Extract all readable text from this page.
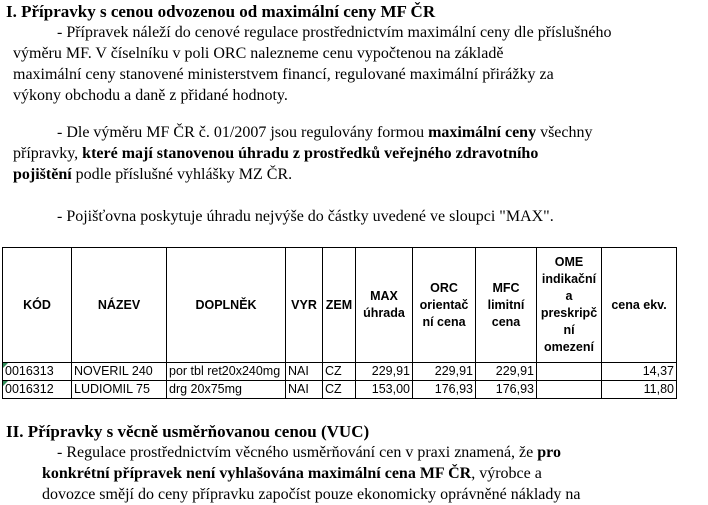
I. Přípravky s cenou odvozenou od maximální ceny MF ČR
- Přípravek náleží do cenové regulace prostřednictvím maximální ceny dle příslušného
výměru MF. V číselníku v poli ORC nalezneme cenu vypočtenou na základě
maximální ceny stanovené ministerstvem financí, regulované maximální přirážky za
výkony obchodu a daně z přidané hodnoty.
- Dle výměru MF ČR č. 01/2007 jsou regulovány formou maximální ceny všechny
přípravky, které mají stanovenou úhradu z prostředků veřejného zdravotního
pojištění podle příslušné vyhlášky MZ ČR.
- Pojišťovna poskytuje úhradu nejvýše do částky uvedené ve sloupci "MAX".
KÓD	NÁZEV	DOPLNĚK	VYR	ZEM	MAX úhrada	ORC orientač ní cena	MFC limitní cena	OME indikační a preskripč ní omezení	cena ekv.

0016313	NOVERIL 240	por tbl ret20x240mg	NAI	CZ	229,91	229,91	229,91		14,37

0016312	LUDIOMIL 75	drg 20x75mg	NAI	CZ	153,00	176,93	176,93		11,80
II. Přípravky s věcně usměrňovanou cenou (VUC)
- Regulace prostřednictvím věcného usměrňování cen v praxi znamená, že pro
konkrétní přípravek není vyhlašována maximální cena MF ČR, výrobce a
dovozce smějí do ceny přípravku započíst pouze ekonomicky oprávněné náklady na
